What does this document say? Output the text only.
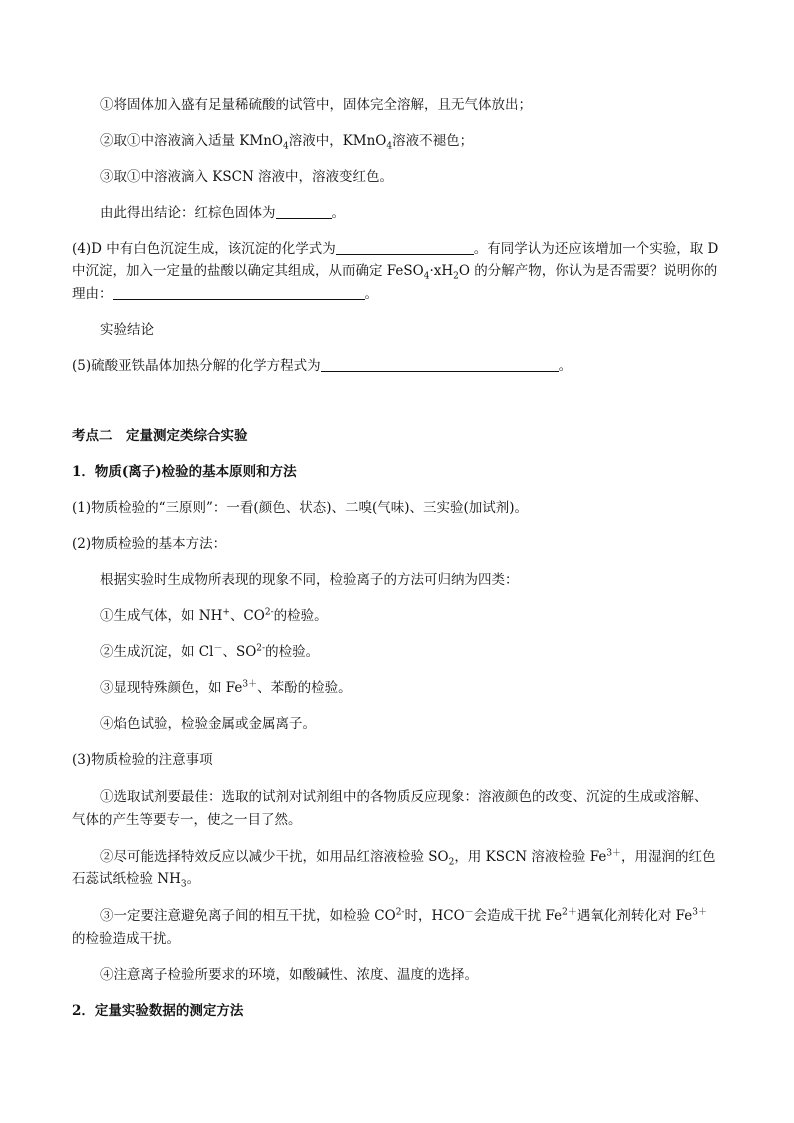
①将固体加入盛有足量稀硫酸的试管中，固体完全溶解，且无气体放出；
②取①中溶液滴入适量 KMnO$_4$溶液中，KMnO$_4$溶液不褪色；
③取①中溶液滴入 KSCN 溶液中，溶液变红色。
由此得出结论：红棕色固体为	。
(4)D 中有白色沉淀生成，该沉淀的化学式为	。有同学认为还应该增加一个实验，取 D
中沉淀，加入一定量的盐酸以确定其组成，从而确定 $FeSO_4\cdot xH_2O$ 的分解产物，你认为是否需要？说明你的
理由：	。
实验结论
(5)硫酸亚铁晶体加热分解的化学方程式为	。
考点二　定量测定类综合实验
1．物质(离子)检验的基本原则和方法
(1)物质检验的“三原则”：一看(颜色、状态)、二嗅(气味)、三实验(加试剂)。
(2)物质检验的基本方法：
根据实验时生成物所表现的现象不同，检验离子的方法可归纳为四类：
①生成气体，如 NH+、$CO^{2-}$的检验。
②生成沉淀，如 Cl－、$SO^{2-}$的检验。
③显现特殊颜色，如 $Fe^{3+}$、苯酚的检验。
④焰色试验，检验金属或金属离子。
(3)物质检验的注意事项
①选取试剂要最佳：选取的试剂对试剂组中的各物质反应现象：溶液颜色的改变、沉淀的生成或溶解、
气体的产生等要专一，使之一目了然。
②尽可能选择特效反应以减少干扰，如用品红溶液检验 $SO_2$，用 KSCN 溶液检验 $Fe^{3+}$，用湿润的红色
石蕊试纸检验 $NH_3$。
③一定要注意避免离子间的相互干扰，如检验 $CO^{2-}$时，HCO－会造成干扰 $Fe^{2+}$遇氧化剂转化对 $Fe^{3+}$
的检验造成干扰。
④注意离子检验所要求的环境，如酸碱性、浓度、温度的选择。
2．定量实验数据的测定方法
